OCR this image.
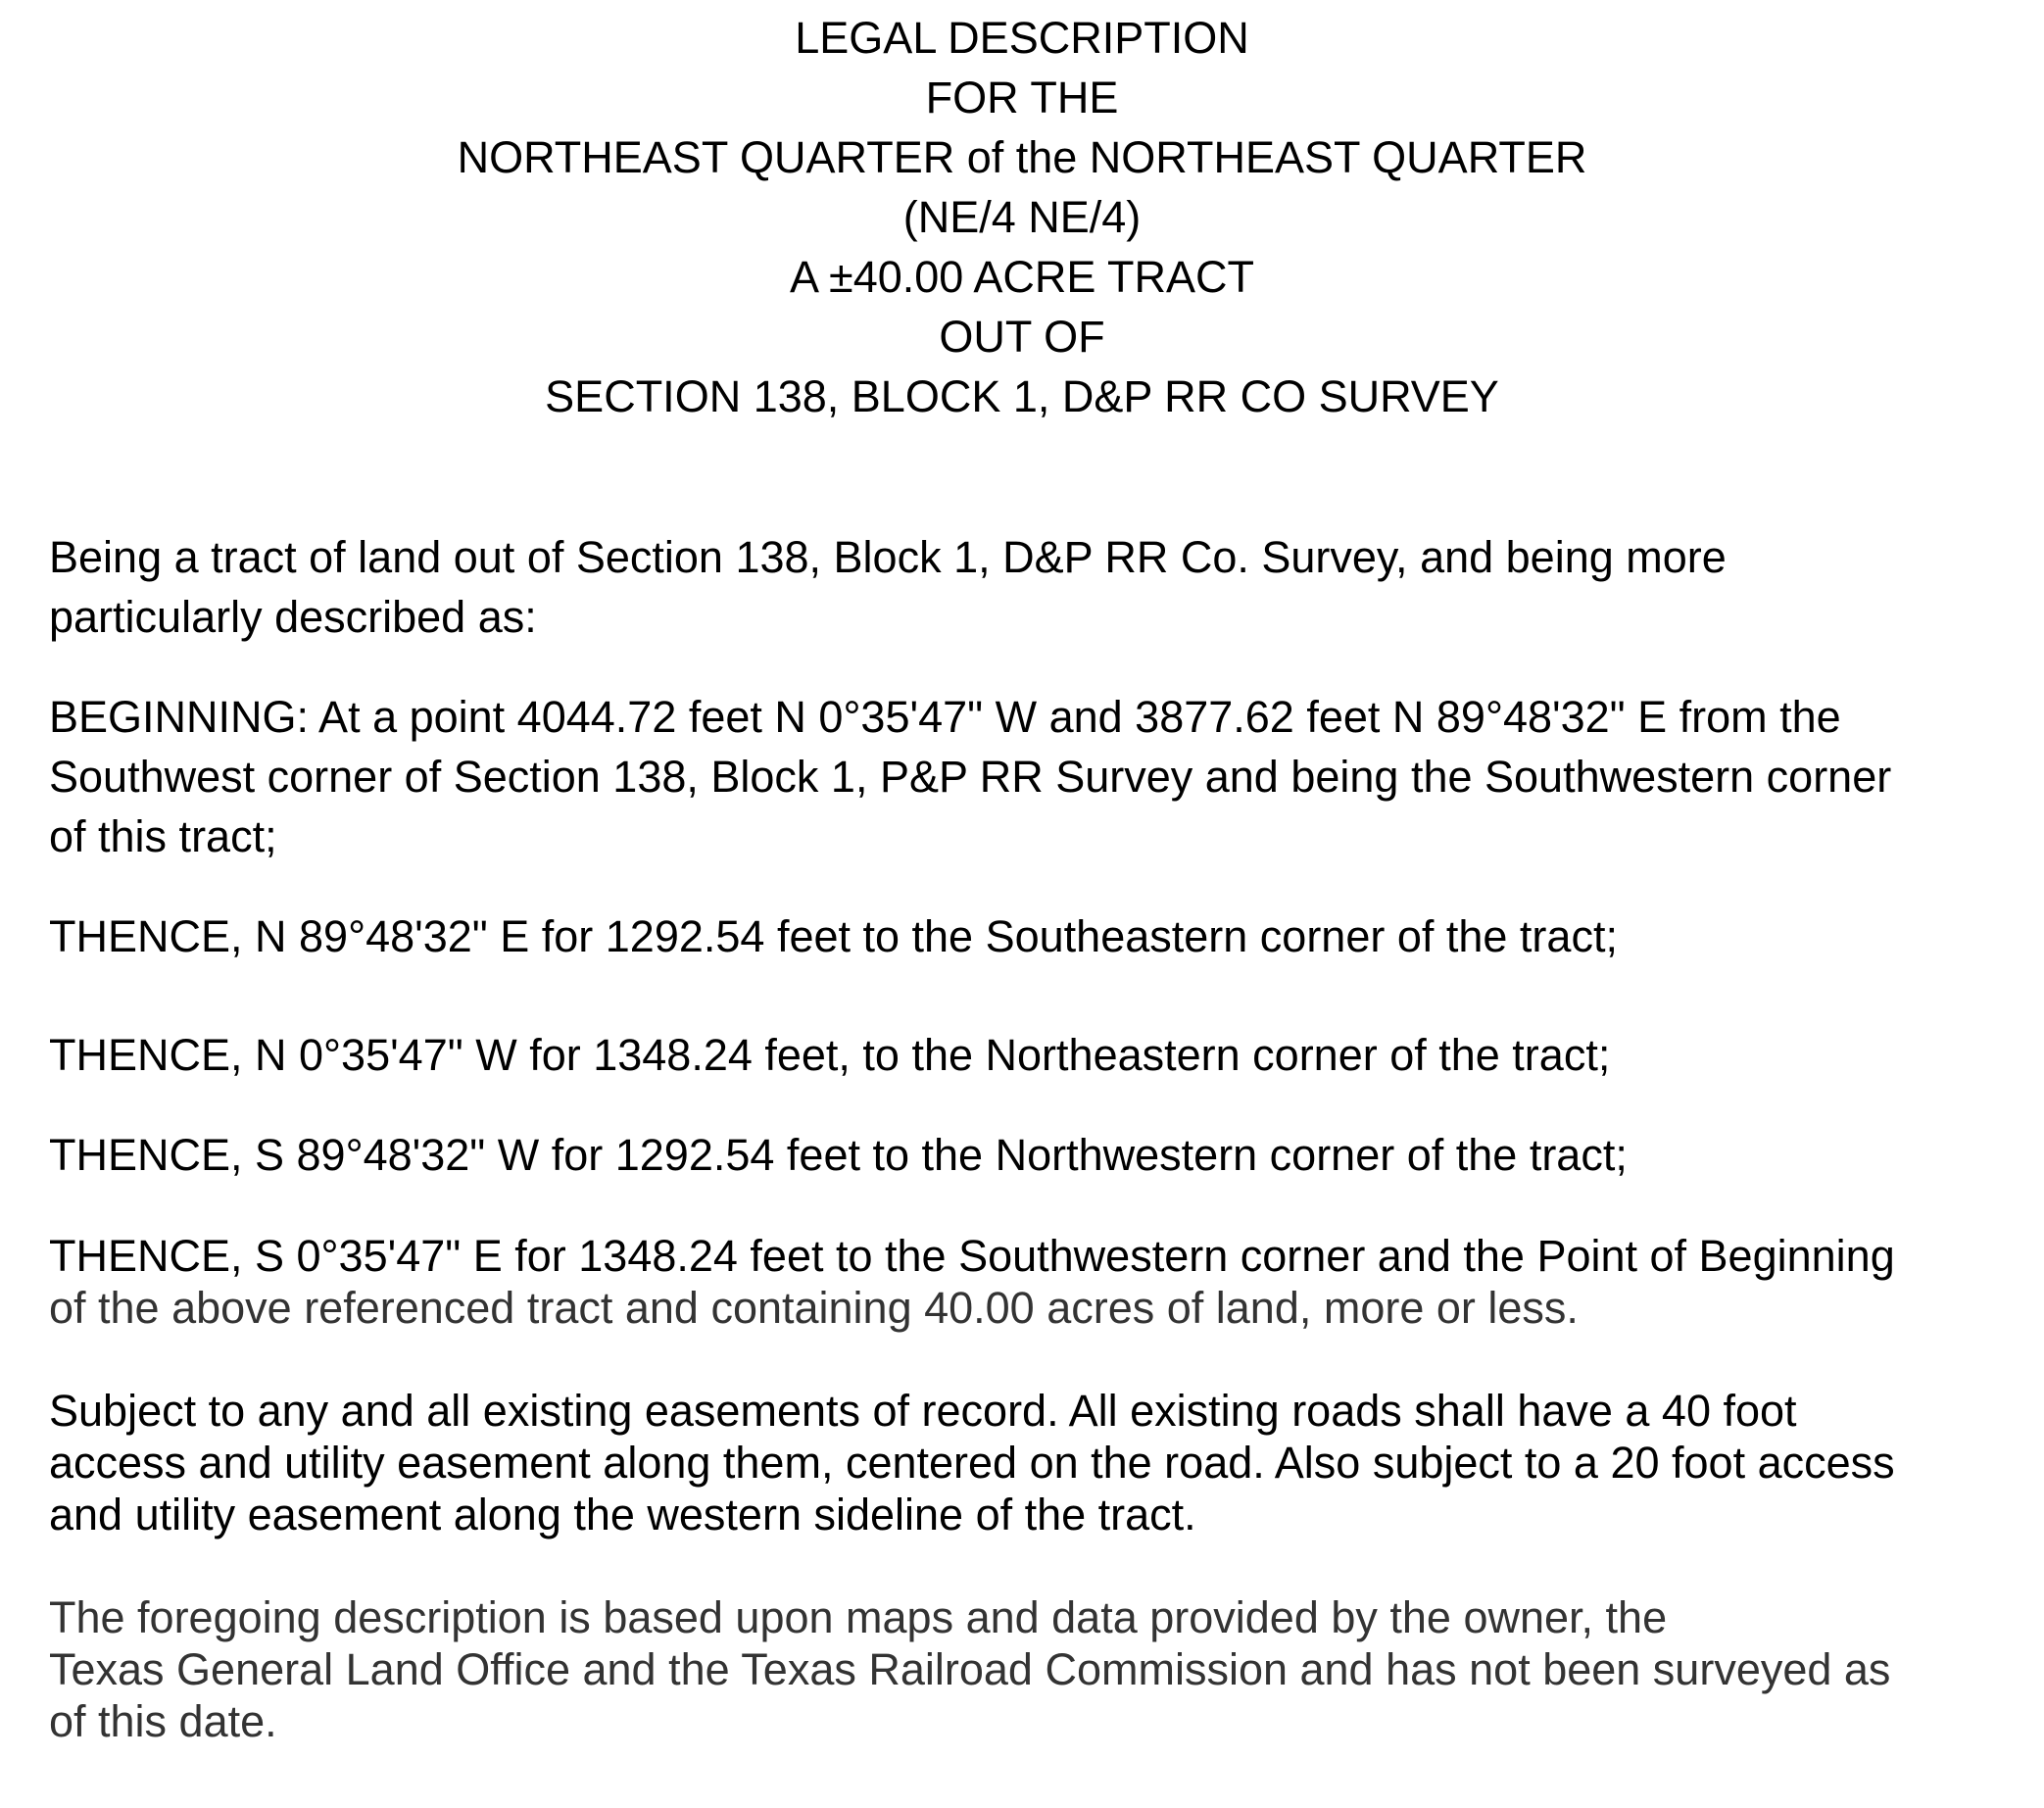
LEGAL DESCRIPTION
FOR THE
NORTHEAST QUARTER of the NORTHEAST QUARTER
(NE/4 NE/4)
A ±40.00 ACRE TRACT
OUT OF
SECTION 138, BLOCK 1, D&P RR CO SURVEY
Being a tract of land out of Section 138, Block 1, D&P RR Co. Survey, and being more
particularly described as:
BEGINNING: At a point 4044.72 feet N 0°35'47" W and 3877.62 feet N 89°48'32" E from the
Southwest corner of Section 138, Block 1, P&P RR Survey and being the Southwestern corner
of this tract;
THENCE, N 89°48'32" E for 1292.54 feet to the Southeastern corner of the tract;
THENCE, N 0°35'47" W for 1348.24 feet, to the Northeastern corner of the tract;
THENCE, S 89°48'32" W for 1292.54 feet to the Northwestern corner of the tract;
THENCE, S 0°35'47" E for 1348.24 feet to the Southwestern corner and the Point of Beginning
of the above referenced tract and containing 40.00 acres of land, more or less.
Subject to any and all existing easements of record. All existing roads shall have a 40 foot
access and utility easement along them, centered on the road. Also subject to a 20 foot access
and utility easement along the western sideline of the tract.
The foregoing description is based upon maps and data provided by the owner, the
Texas General Land Office and the Texas Railroad Commission and has not been surveyed as
of this date.
